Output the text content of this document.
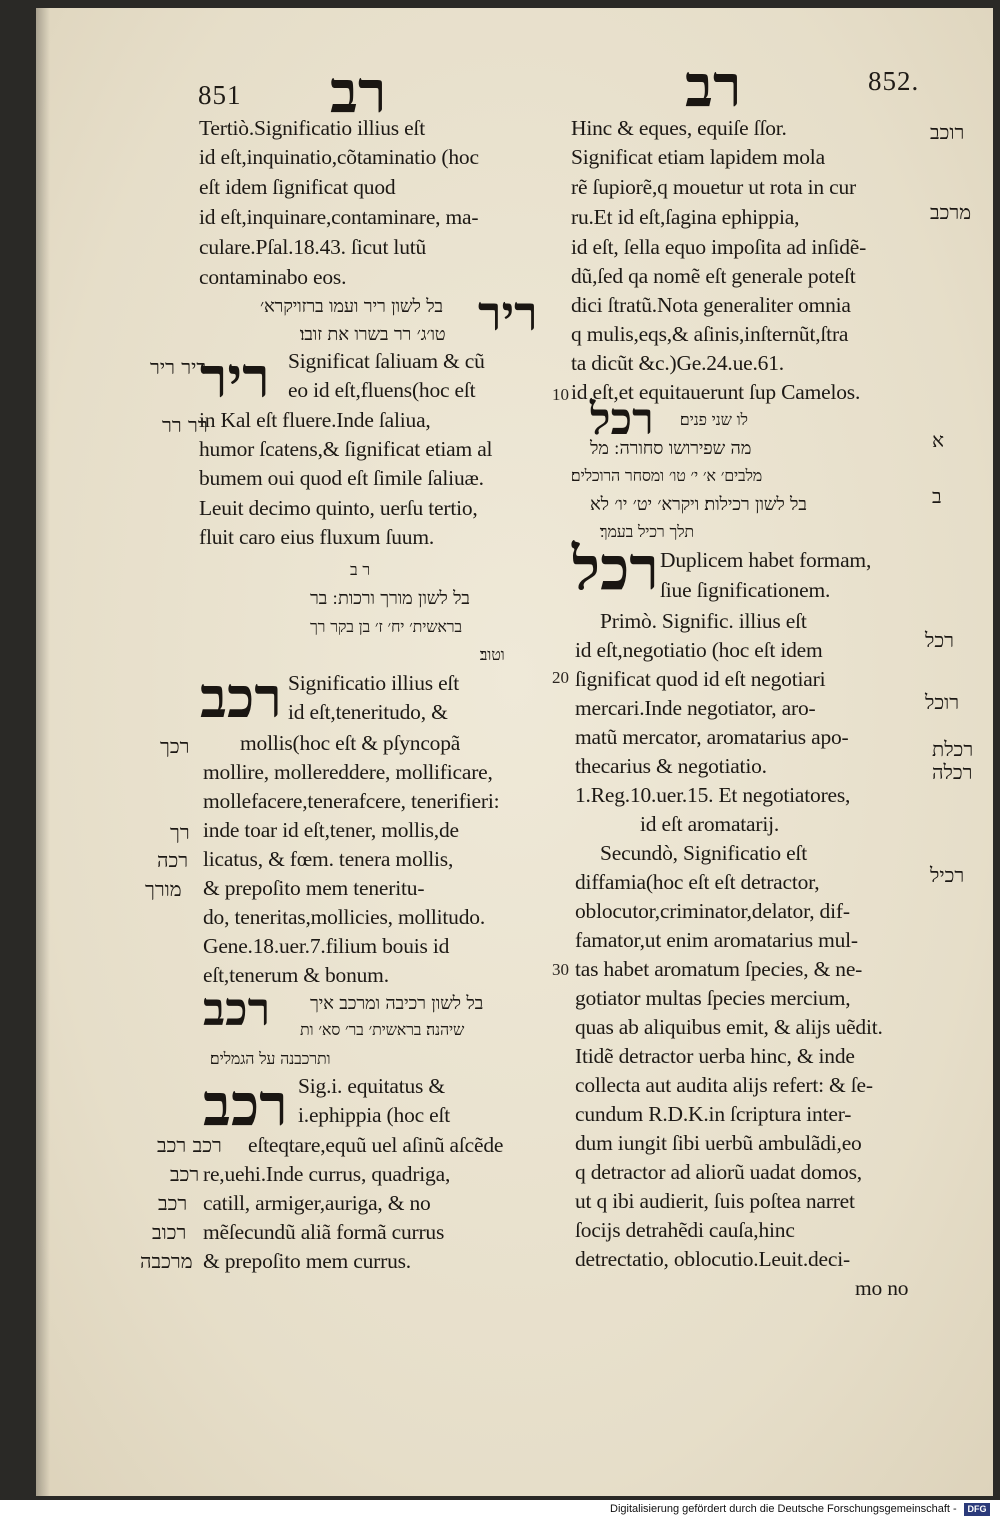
851 רב	רב	852.
Tertiò.Significatio illius eſt
id eſt,inquinatio,cõtaminatio (hoc
eſt idem ſignificat quod
id eſt,inquinare,contaminare, ma-
culare.Pſal.18.43. ſicut lutũ
contaminabo eos.
בל לשון ריר ועמו ברזויקרא׳
טו׳ג׳ רר בשרו את זובו׃
Significat ſaliuam & cũ
eo id eſt,fluens(hoc eſt
in Kal eſt fluere.Inde ſaliua,
humor ſcatens,& ſignificat etiam al
bumem oui quod eſt ſimile ſaliuæ.
Leuit decimo quinto, uerſu tertio,
fluit caro eius fluxum ſuum.
ר ב
בל לשון מורך ורכות ׃ בר
בראשית׳ יח׳ ז׳ בן בקר רך
וטוב׃
Significatio illius eſt
id eſt,teneritudo, &
mollis(hoc eſt & pſyncopã
mollire, mollereddere, mollificare,
mollefacere,tenerafcere, tenerifieri:
inde toar id eſt,tener, mollis,de
licatus, & fœm. tenera mollis,
& prepoſito mem teneritu-
do, teneritas,mollicies, mollitudo.
Gene.18.uer.7.filium bouis id
eſt,tenerum & bonum.
בל לשון רכיבה ומרכב איך
שיהנה׃ בראשית׳ בר׳ סא׳ ות
ותרכבנה על הגמלים׃
Sig.i. equitatus &
i.ephippia (hoc eſt
eſteqtare,equũ uel aſinũ aſcẽde
re,uehi.Inde currus, quadriga,
catill, armiger,auriga, & no
mẽſecundũ aliã formã currus
& prepoſito mem currus.
ריר
ריר
רכב
רכב
רכב
ריר ריר
רר רר
רכך
רך
רכה
מורך
רכב רכב
רכב
רכב
רכוב
מרכבה
10
20
30
Hinc & eques, equiſe ſſor.
Significat etiam lapidem mola
rẽ ſupiorẽ,q mouetur ut rota in cur
ru.Et id eſt,ſagina ephippia,
id eſt, ſella equo impoſita ad inſidẽ-
dũ,ſed qa nomẽ eſt generale poteſt
dici ſtratũ.Nota generaliter omnia
q mulis,eqs,& aſinis,inſternũt,ſtra
ta dicũt &c.)Ge.24.ue.61.
id eſt,et equitauerunt ſup Camelos.
לו שני פנים׃
מה שפירושו סחורה ׃ מל
מלבים׳ א׳ י׳ טו׳ ומסחר הרוכלים׃
בל לשון רכילות׃ ויקרא׳ יט׳ יו׳ לא
תלך רכיל בעמך׃
Duplicem habet formam,
ſiue ſignificationem.
Primò. Signific. illius eſt
id eſt,negotiatio (hoc eſt idem
ſignificat quod id eſt negotiari
mercari.Inde negotiator, aro-
matũ mercator, aromatarius apo-
thecarius & negotiatio.
1.Reg.10.uer.15. Et negotiatores,
id eſt aromatarij.
Secundò, Significatio eſt
diffamia(hoc eſt eſt detractor,
oblocutor,criminator,delator, dif-
famator,ut enim aromatarius mul-
tas habet aromatum ſpecies, & ne-
gotiator multas ſpecies mercium,
quas ab aliquibus emit, & alijs uẽdit.
Itidẽ detractor uerba hinc, & inde
collecta aut audita alijs refert: & ſe-
cundum R.D.K.in ſcriptura inter-
dum iungit ſibi uerbũ ambulãdi,eo
q detractor ad aliorũ uadat domos,
ut q ibi audierit, ſuis poſtea narret
ſocijs detrahẽdi cauſa,hinc
detrectatio, oblocutio.Leuit.deci-
mo no
רכל
רכל
רוכב
מרכב
א
ב
רכל
רוכל
רכלת
רכלה
רכיל
Digitalisierung gefördert durch die Deutsche Forschungsgemeinschaft -	DFG
